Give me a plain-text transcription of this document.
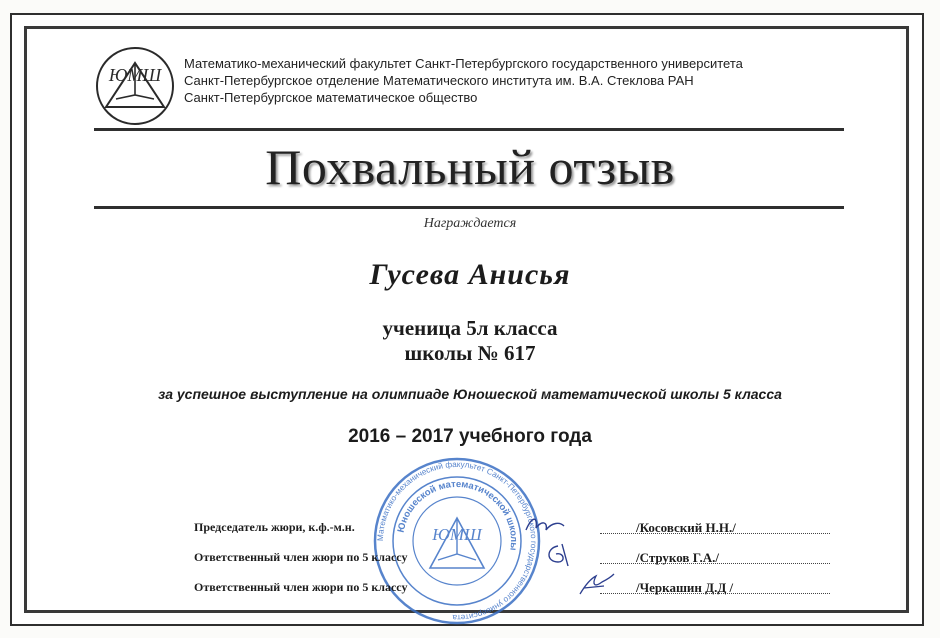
ЮМШ
Математико-механический факультет Санкт-Петербургского государственного университета
Санкт-Петербургское отделение Математического института им. В.А. Стеклова РАН
Санкт-Петербургское математическое общество
Похвальный отзыв
Награждается
Гусева Анисья
ученица 5л класса
школы № 617
за успешное выступление на олимпиаде Юношеской математической школы 5 класса
2016 – 2017 учебного года
Математико-механический факультет Санкт-Петербургского государственного университета
Юношеской математической школы
ЮМШ
Председатель жюри, к.ф.-м.н.	/Косовский Н.Н./
Ответственный член жюри по 5 классу	/Струков Г.А./
Ответственный член жюри по 5 классу	/Черкашин Д.Д /
